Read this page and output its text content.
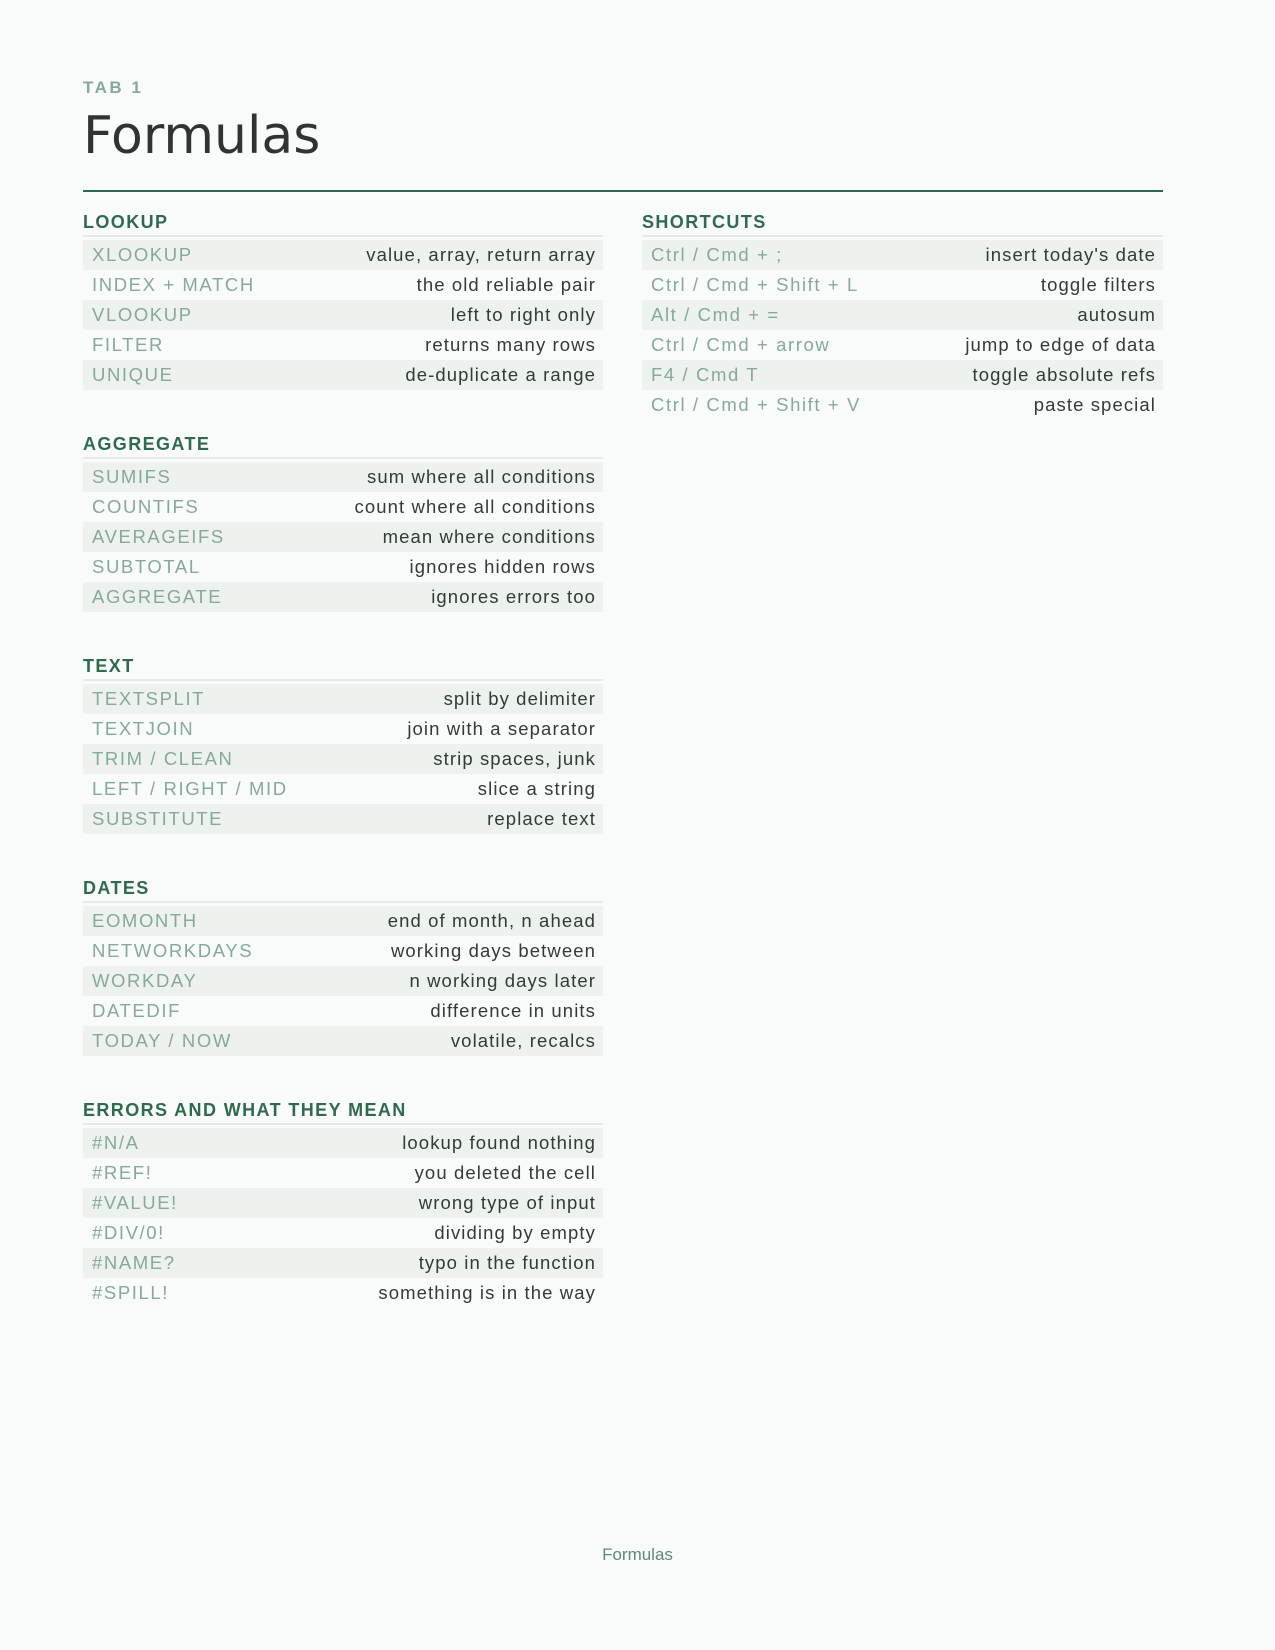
TAB 1
Formulas
LOOKUP
XLOOKUP	value, array, return array
INDEX + MATCH	the old reliable pair
VLOOKUP	left to right only
FILTER	returns many rows
UNIQUE	de-duplicate a range
AGGREGATE
SUMIFS	sum where all conditions
COUNTIFS	count where all conditions
AVERAGEIFS	mean where conditions
SUBTOTAL	ignores hidden rows
AGGREGATE	ignores errors too
TEXT
TEXTSPLIT	split by delimiter
TEXTJOIN	join with a separator
TRIM / CLEAN	strip spaces, junk
LEFT / RIGHT / MID	slice a string
SUBSTITUTE	replace text
DATES
EOMONTH	end of month, n ahead
NETWORKDAYS	working days between
WORKDAY	n working days later
DATEDIF	difference in units
TODAY / NOW	volatile, recalcs
ERRORS AND WHAT THEY MEAN
#N/A	lookup found nothing
#REF!	you deleted the cell
#VALUE!	wrong type of input
#DIV/0!	dividing by empty
#NAME?	typo in the function
#SPILL!	something is in the way
SHORTCUTS
Ctrl / Cmd + ;	insert today's date
Ctrl / Cmd + Shift + L	toggle filters
Alt / Cmd + =	autosum
Ctrl / Cmd + arrow	jump to edge of data
F4 / Cmd T	toggle absolute refs
Ctrl / Cmd + Shift + V	paste special
Formulas
